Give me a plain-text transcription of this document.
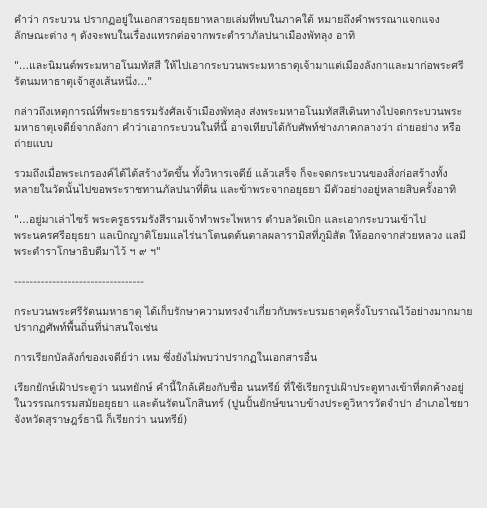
คำว่า กระบวน ปรากฏอยู่ในเอกสารอยุธยาหลายเล่มที่พบในภาคใต้ หมายถึงคำพรรณาแจกแจงลักษณะต่าง ๆ ดังจะพบในเรื่องแทรกต่อจากพระตำราภัลปนาเมืองพัทลุง อาทิ

"...และนิมนต์พระมหาอโนมทัสสี ให้ไปเอากระบวนพระมหาธาตุเจ้ามาแต่เมืองลังกาและมาก่อพระศรีรัตนมหาธาตุเจ้าสูงเส้นหนึ่ง..."

กล่าวถึงเหตุการณ์ที่พระยาธรรมรังศัลเจ้าเมืองพัทลุง ส่งพระมหาอโนมทัสสีเดินทางไปจดกระบวนพระมหาธาตุเจดีย์จากลังกา คำว่าเอากระบวนในที่นี้ อาจเทียบได้กับศัพท์ช่างภาคกลางว่า ถ่ายอย่าง หรือถ่ายแบบ

รวมถึงเมื่อพระเกรองค์ได้ไต้สร้างวัดขึ้น ทั้งวิหารเจดีย์ แล้วเสร็จ ก็จะจดกระบวนของสิ่งก่อสร้างทั้งหลายในวัดนั้นไปขอพระราชทานภัลปนาที่ดิน และข้าพระจากอยุธยา มีตัวอย่างอยู่หลายสิบครั้งอาทิ

"...อยู่มาเล่าไซร้ พระครูธรรมรังสีรามเจ้าทำพระไพหาร ตำบลวัดเบิก และเอากระบวนเข้าไปพระนครศรีอยุธยา แลเบิกญาติโยมแลไร่นาโตนดต้นตาลผลารามิสที่ภูมิสัด ให้ออกจากส่วยหลวง แลมีพระตำราโกษาธิบดีมาไว้ ฯ ๙ ฯ"

----------------------------------

กระบวนพระศรีรัตนมหาธาตุ ได้เก็บรักษาความทรงจำเกี่ยวกับพระบรมธาตุครั้งโบราณไว้อย่างมากมาย ปรากฏศัพท์พื้นถิ่นที่น่าสนใจเช่น

การเรียกบัลลังก์ของเจดีย์ว่า เหม ซึ่งยังไม่พบว่าปรากฏในเอกสารอื่น

เรียกยักษ์เฝ้าประตูว่า นนทยักษ์ คำนี้ใกล้เคียงกับชื่อ นนทรีย์ ที่ใช้เรียกรูปเฝ้าประตูทางเข้าที่ตกค้างอยู่ในวรรณกรรมสมัยอยุธยา และต้นรัตนโกสินทร์ (ปูนปั้นยักษ์ขนาบข้างประตูวิหารวัดจำปา อำเภอไชยา จังหวัดสุราษฎร์ธานี ก็เรียกว่า นนทรีย์)
